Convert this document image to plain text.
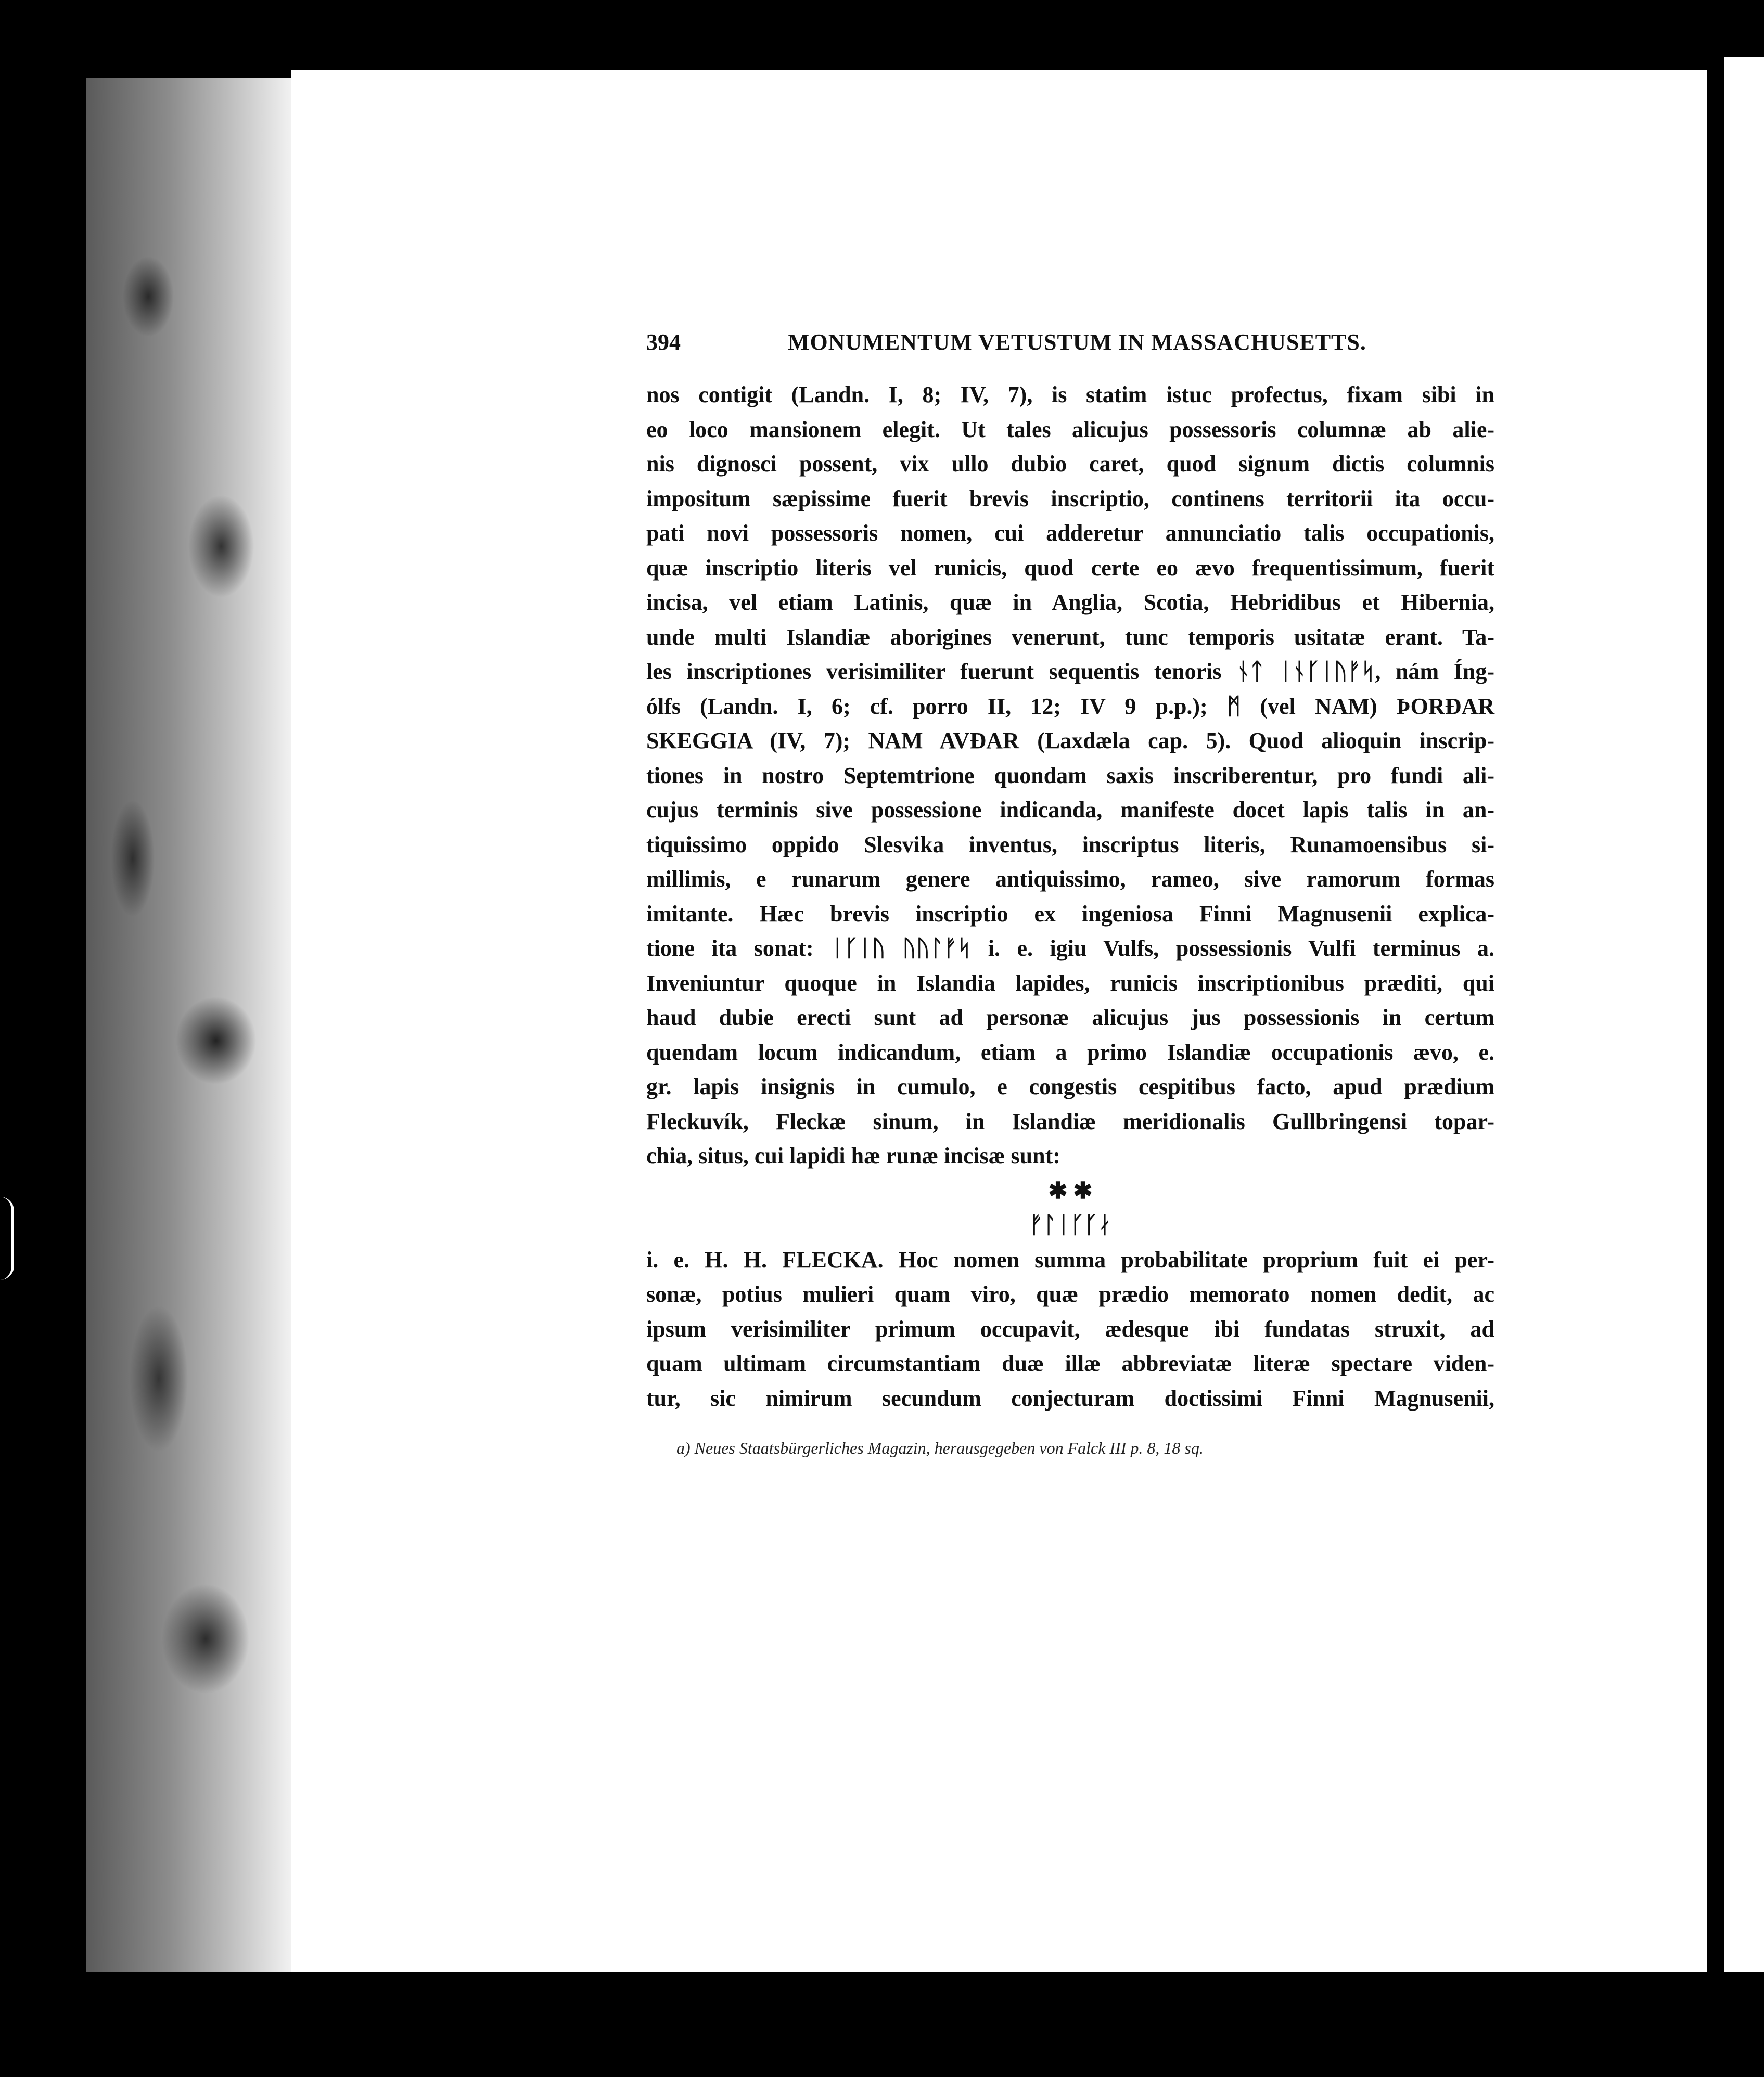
394	MONUMENTUM VETUSTUM IN MASSACHUSETTS.
nos contigit (Landn. I, 8; IV, 7), is statim istuc profectus, fixam sibi in
eo loco mansionem elegit. Ut tales alicujus possessoris columnæ ab alie-
nis dignosci possent, vix ullo dubio caret, quod signum dictis columnis
impositum sæpissime fuerit brevis inscriptio, continens territorii ita occu-
pati novi possessoris nomen, cui adderetur annunciatio talis occupationis,
quæ inscriptio literis vel runicis, quod certe eo ævo frequentissimum, fuerit
incisa, vel etiam Latinis, quæ in Anglia, Scotia, Hebridibus et Hibernia,
unde multi Islandiæ aborigines venerunt, tunc temporis usitatæ erant. Ta-
les inscriptiones verisimiliter fuerunt sequentis tenoris ᚾᛏ ᛁᚾᚴᛁᚢᚠᛋ, nám Íng-
ólfs (Landn. I, 6; cf. porro II, 12; IV 9 p.p.); ᛗ (vel NAM) ÞORÐAR
SKEGGIA (IV, 7); NAM AVÐAR (Laxdæla cap. 5). Quod alioquin inscrip-
tiones in nostro Septemtrione quondam saxis inscriberentur, pro fundi ali-
cujus terminis sive possessione indicanda, manifeste docet lapis talis in an-
tiquissimo oppido Slesvika inventus, inscriptus literis, Runamoensibus si-
millimis, e runarum genere antiquissimo, rameo, sive ramorum formas
imitante. Hæc brevis inscriptio ex ingeniosa Finni Magnusenii explica-
tione ita sonat: ᛁᚴᛁᚢ ᚢᚢᛚᚠᛋ i. e. igiu Vulfs, possessionis Vulfi terminus a.
Inveniuntur quoque in Islandia lapides, runicis inscriptionibus præditi, qui
haud dubie erecti sunt ad personæ alicujus jus possessionis in certum
quendam locum indicandum, etiam a primo Islandiæ occupationis ævo, e.
gr. lapis insignis in cumulo, e congestis cespitibus facto, apud prædium
Fleckuvík, Fleckæ sinum, in Islandiæ meridionalis Gullbringensi topar-
chia, situs, cui lapidi hæ runæ incisæ sunt:
✱ ✱
ᚠᛚᛁᚴᚴᛅ
i. e. H. H. FLECKA. Hoc nomen summa probabilitate proprium fuit ei per-
sonæ, potius mulieri quam viro, quæ prædio memorato nomen dedit, ac
ipsum verisimiliter primum occupavit, ædesque ibi fundatas struxit, ad
quam ultimam circumstantiam duæ illæ abbreviatæ literæ spectare viden-
tur, sic nimirum secundum conjecturam doctissimi Finni Magnusenii,
a) Neues Staatsbürgerliches Magazin, herausgegeben von Falck III p. 8, 18 sq.
